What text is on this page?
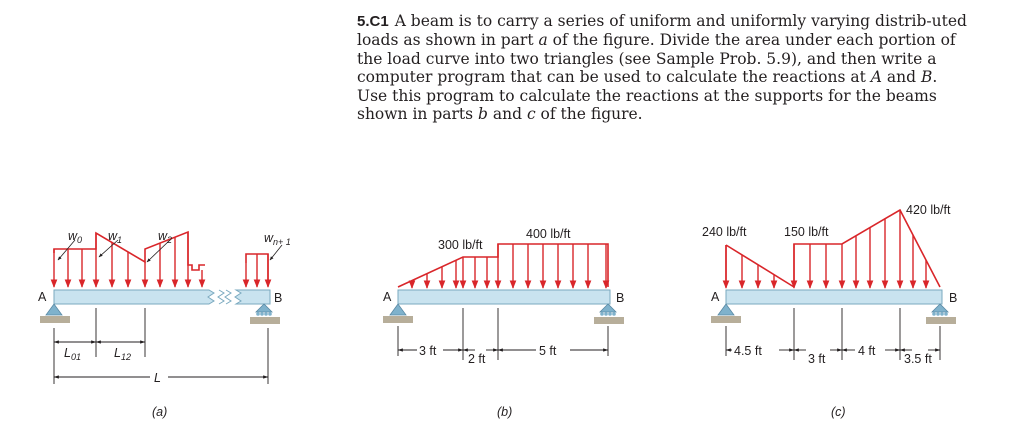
5.C1 A beam is to carry a series of uniform and uniformly varying distrib-uted loads as shown in part a of the figure. Divide the area under each portion of the load curve into two triangles (see Sample Prob. 5.9), and then write a computer program that can be used to calculate the reactions at A and B. Use this program to calculate the reactions at the supports for the beams shown in parts b and c of the figure.

$w_0$ $w_1$	$w_2$	$w_{n+ 1}$
A	B
$L_{01}$	$L_{12}$
L
(a)
300 lb/ft
400 lb/ft
A	B
3 ft
2 ft
5 ft
(b)
240 lb/ft	150 lb/ft
420 lb/ft
A	B
4.5 ft
3 ft
4 ft
3.5 ft
(c)
